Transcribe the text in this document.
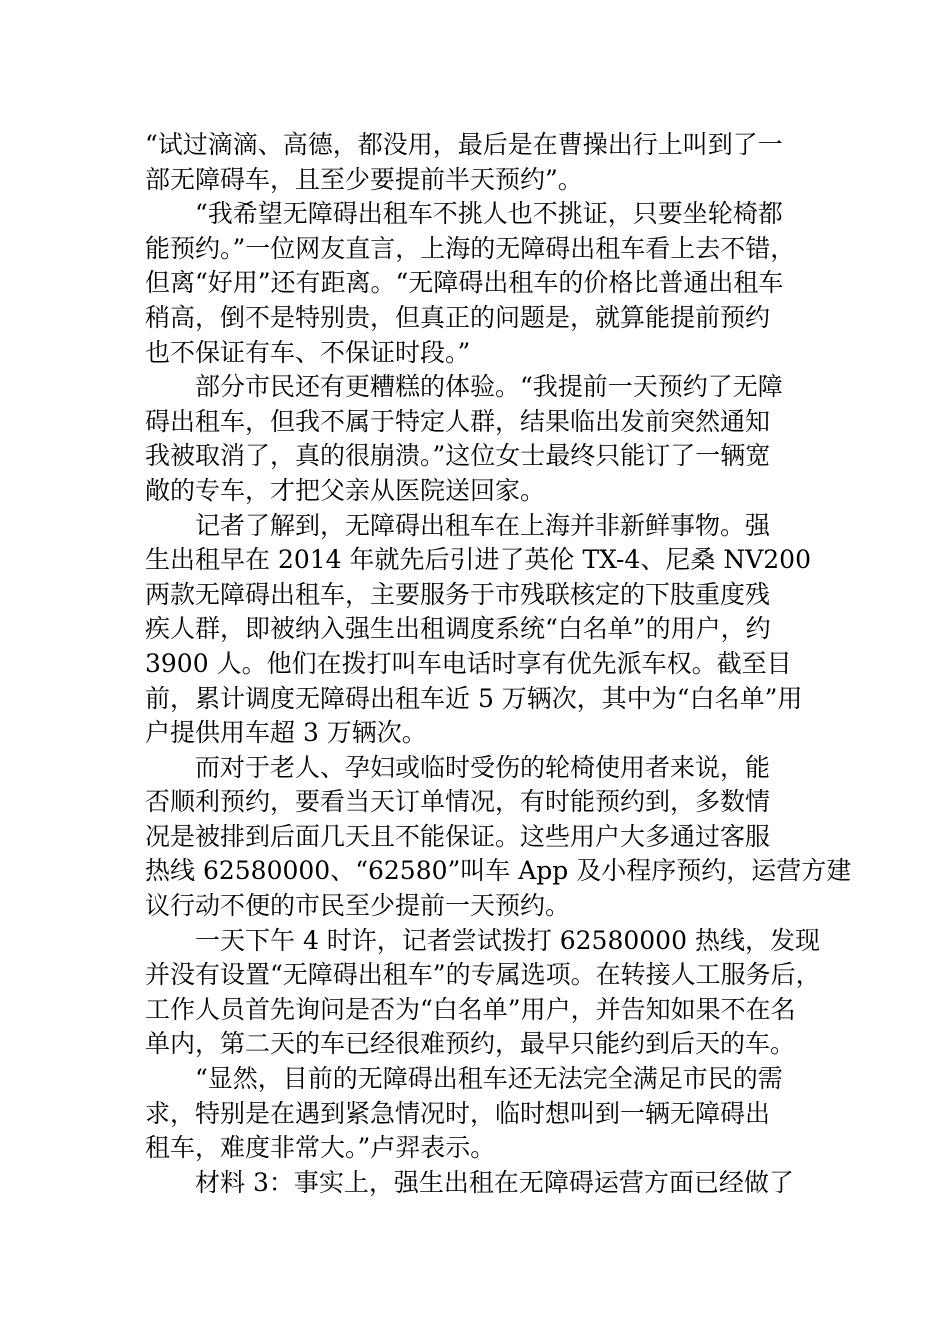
“试过滴滴、高德，都没用，最后是在曹操出行上叫到了一
部无障碍车，且至少要提前半天预约”。
“我希望无障碍出租车不挑人也不挑证，只要坐轮椅都
能预约。”一位网友直言，上海的无障碍出租车看上去不错，
但离“好用”还有距离。“无障碍出租车的价格比普通出租车
稍高，倒不是特别贵，但真正的问题是，就算能提前预约
也不保证有车、不保证时段。”
部分市民还有更糟糕的体验。“我提前一天预约了无障
碍出租车，但我不属于特定人群，结果临出发前突然通知
我被取消了，真的很崩溃。”这位女士最终只能订了一辆宽
敞的专车，才把父亲从医院送回家。
记者了解到，无障碍出租车在上海并非新鲜事物。强
生出租早在 2014 年就先后引进了英伦 TX-4、尼桑 NV200
两款无障碍出租车，主要服务于市残联核定的下肢重度残
疾人群，即被纳入强生出租调度系统“白名单”的用户，约
3900 人。他们在拨打叫车电话时享有优先派车权。截至目
前，累计调度无障碍出租车近 5 万辆次，其中为“白名单”用
户提供用车超 3 万辆次。
而对于老人、孕妇或临时受伤的轮椅使用者来说，能
否顺利预约，要看当天订单情况，有时能预约到，多数情
况是被排到后面几天且不能保证。这些用户大多通过客服
热线 62580000、“62580”叫车 App 及小程序预约，运营方建
议行动不便的市民至少提前一天预约。
一天下午 4 时许，记者尝试拨打 62580000 热线，发现
并没有设置“无障碍出租车”的专属选项。在转接人工服务后，
工作人员首先询问是否为“白名单”用户，并告知如果不在名
单内，第二天的车已经很难预约，最早只能约到后天的车。
“显然，目前的无障碍出租车还无法完全满足市民的需
求，特别是在遇到紧急情况时，临时想叫到一辆无障碍出
租车，难度非常大。”卢羿表示。
材料 3：事实上，强生出租在无障碍运营方面已经做了
